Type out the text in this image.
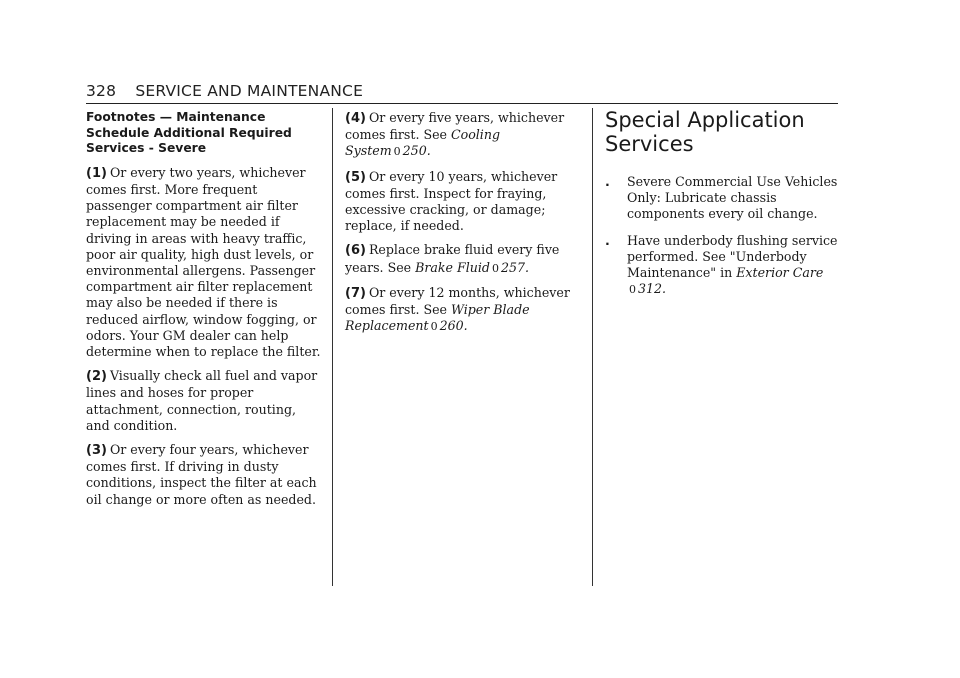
328 SERVICE AND MAINTENANCE
Footnotes — Maintenance Schedule Additional Required Services - Severe

(1) Or every two years, whichever comes first. More frequent passenger compartment air filter replacement may be needed if driving in areas with heavy traffic, poor air quality, high dust levels, or environmental allergens. Passenger compartment air filter replacement may also be needed if there is reduced airflow, window fogging, or odors. Your GM dealer can help determine when to replace the filter.

(2) Visually check all fuel and vapor lines and hoses for proper attachment, connection, routing, and condition.

(3) Or every four years, whichever comes first. If driving in dusty conditions, inspect the filter at each oil change or more often as needed.

(4) Or every five years, whichever comes first. See Cooling System 0 250.

(5) Or every 10 years, whichever comes first. Inspect for fraying, excessive cracking, or damage; replace, if needed.

(6) Replace brake fluid every five years. See Brake Fluid 0 257.

(7) Or every 12 months, whichever comes first. See Wiper Blade Replacement 0 260.

Special Application Services
. Severe Commercial Use Vehicles Only: Lubricate chassis components every oil change.
. Have underbody flushing service performed. See "Underbody Maintenance" in Exterior Care
0 312.
